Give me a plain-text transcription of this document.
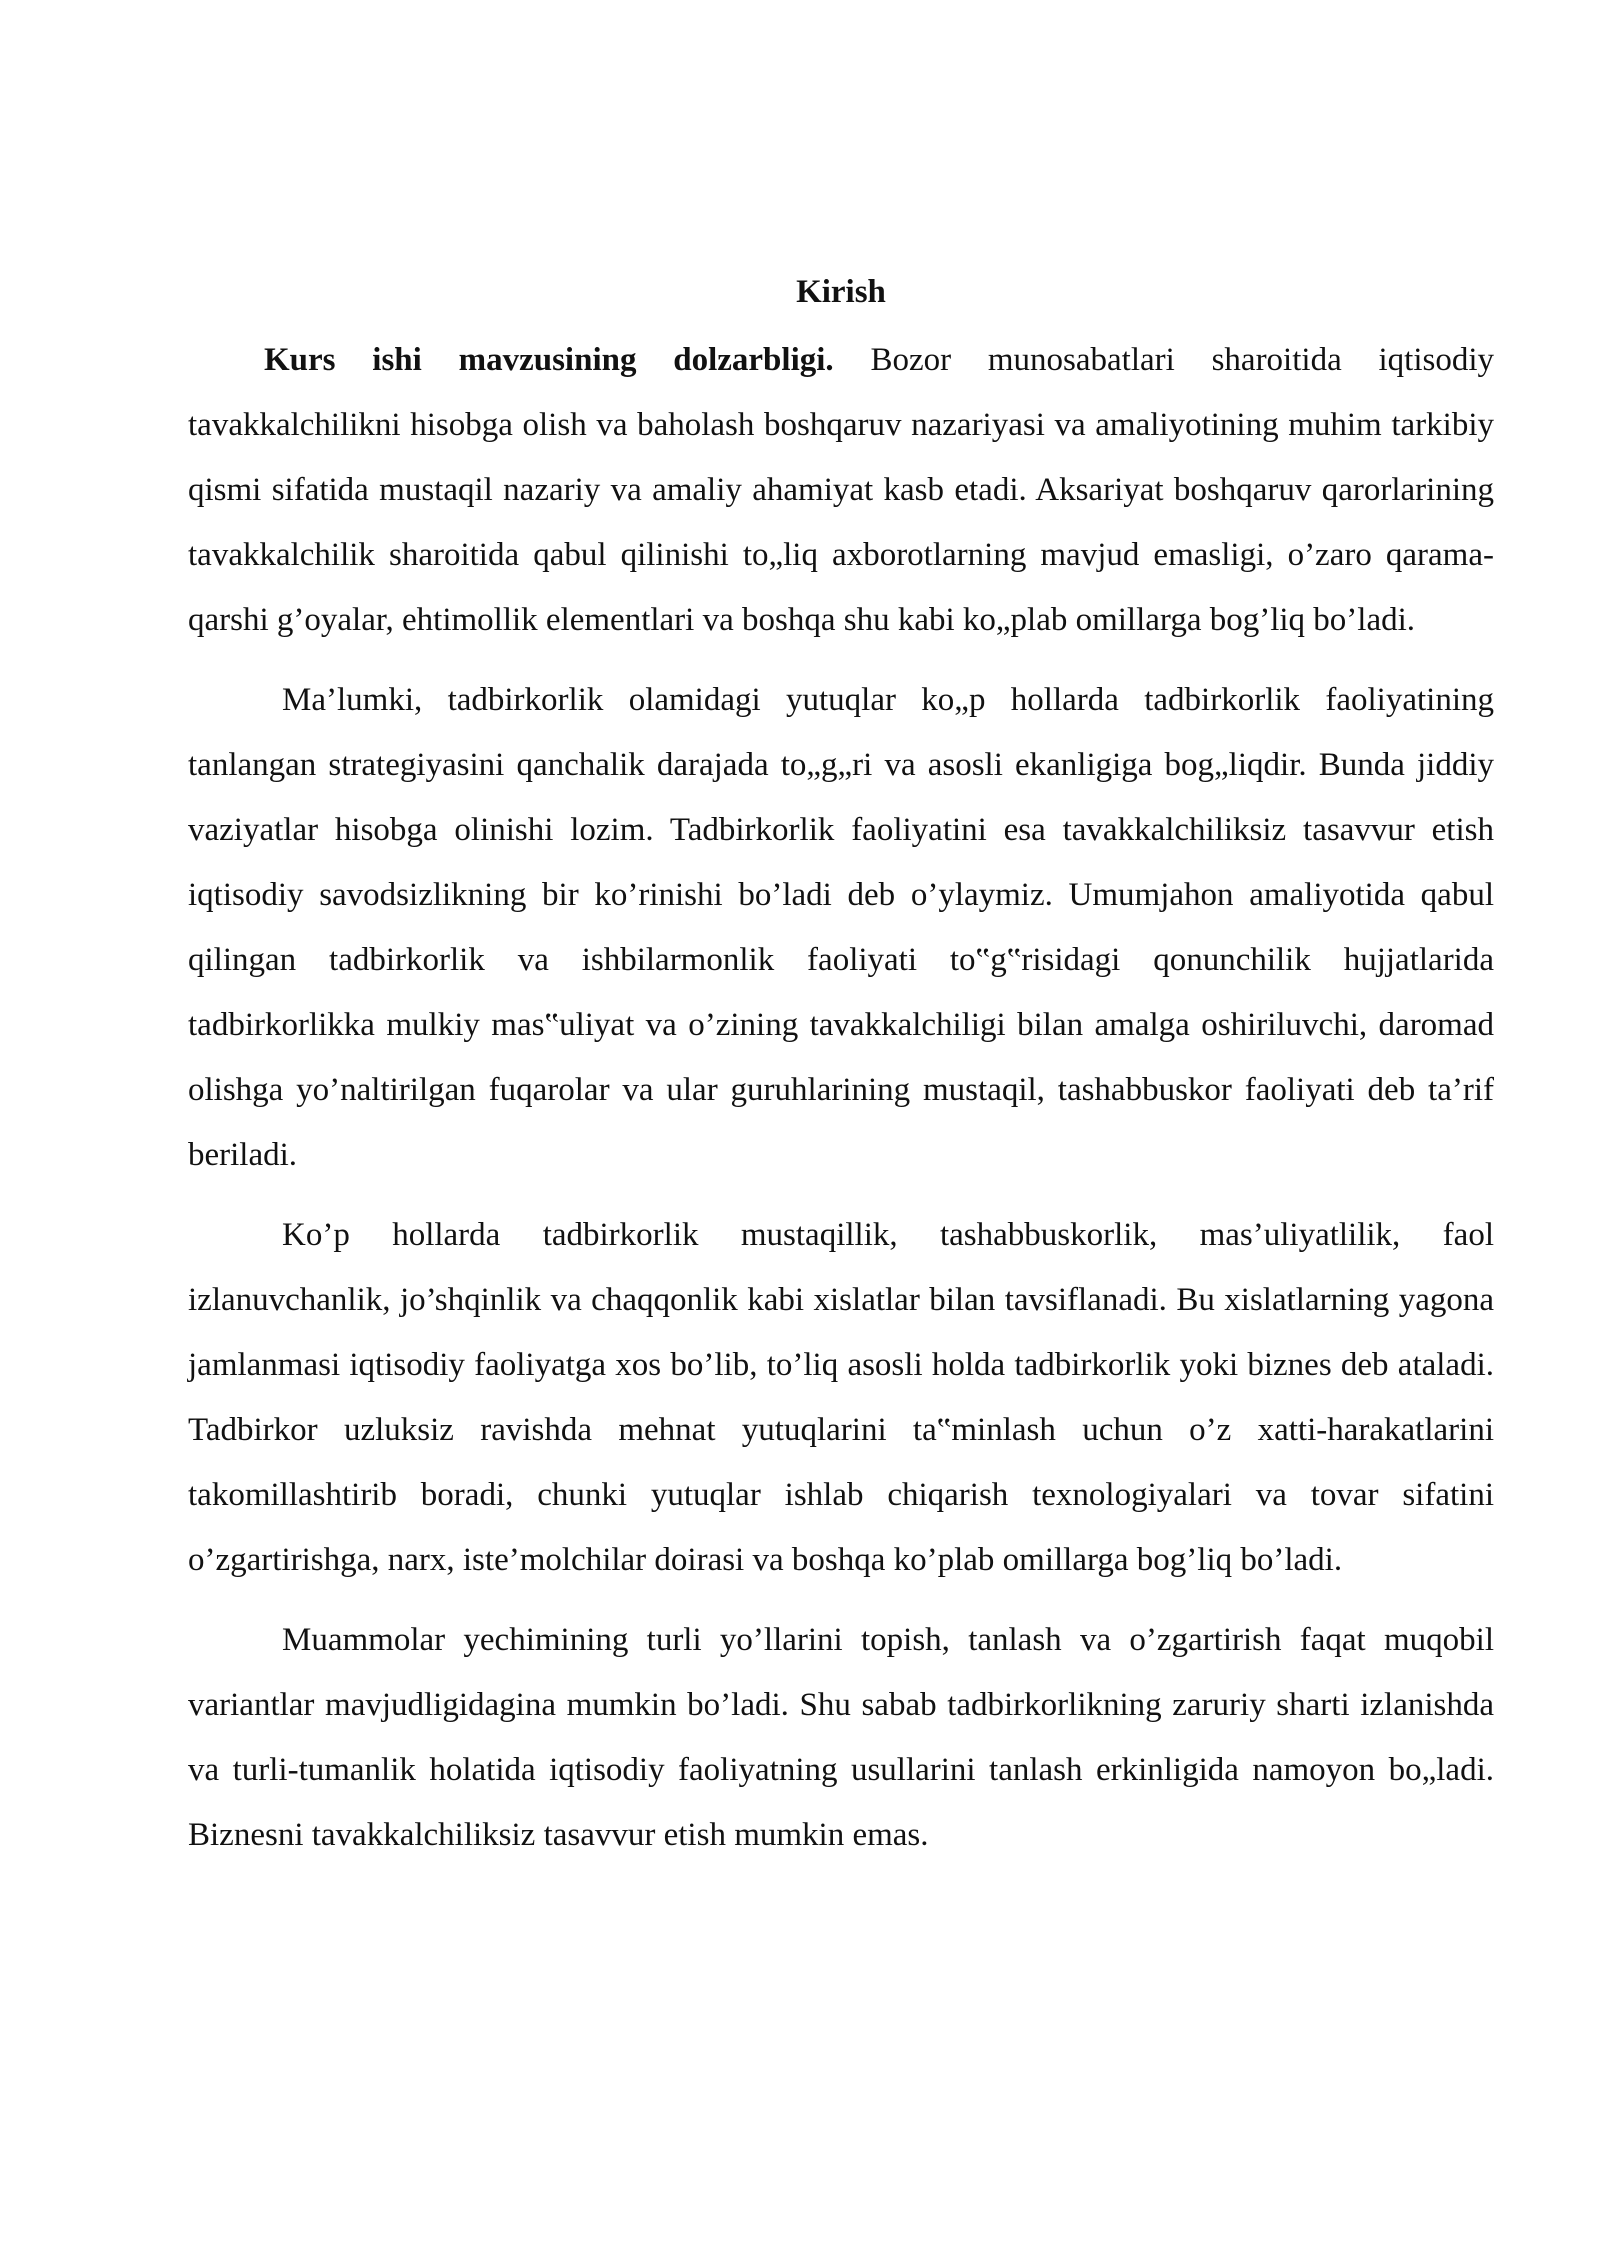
Kirish

Kurs ishi mavzusining dolzarbligi. Bozor munosabatlari sharoitida iqtisodiy tavakkalchilikni hisobga olish va baholash boshqaruv nazariyasi va amaliyotining muhim tarkibiy qismi sifatida mustaqil nazariy va amaliy ahamiyat kasb etadi. Aksariyat boshqaruv qarorlarining tavakkalchilik sharoitida qabul qilinishi to„liq axborotlarning mavjud emasligi, o’zaro qarama-qarshi g’oyalar, ehtimollik elementlari va boshqa shu kabi ko„plab omillarga bog’liq bo’ladi.

Ma’lumki, tadbirkorlik olamidagi yutuqlar ko„p hollarda tadbirkorlik faoliyatining tanlangan strategiyasini qanchalik darajada to„g„ri va asosli ekanligiga bog„liqdir. Bunda jiddiy vaziyatlar hisobga olinishi lozim. Tadbirkorlik faoliyatini esa tavakkalchiliksiz tasavvur etish iqtisodiy savodsizlikning bir ko’rinishi bo’ladi deb o’ylaymiz. Umumjahon amaliyotida qabul qilingan tadbirkorlik va ishbilarmonlik faoliyati to‟g‟risidagi qonunchilik hujjatlarida tadbirkorlikka mulkiy mas‟uliyat va o’zining tavakkalchiligi bilan amalga oshiriluvchi, daromad olishga yo’naltirilgan fuqarolar va ular guruhlarining mustaqil, tashabbuskor faoliyati deb ta’rif beriladi.

Ko’p hollarda tadbirkorlik mustaqillik, tashabbuskorlik, mas’uliyatlilik, faol izlanuvchanlik, jo’shqinlik va chaqqonlik kabi xislatlar bilan tavsiflanadi. Bu xislatlarning yagona jamlanmasi iqtisodiy faoliyatga xos bo’lib, to’liq asosli holda tadbirkorlik yoki biznes deb ataladi. Tadbirkor uzluksiz ravishda mehnat yutuqlarini ta‟minlash uchun o’z xatti-harakatlarini takomillashtirib boradi, chunki yutuqlar ishlab chiqarish texnologiyalari va tovar sifatini o’zgartirishga, narx, iste’molchilar doirasi va boshqa ko’plab omillarga bog’liq bo’ladi.

Muammolar yechimining turli yo’llarini topish, tanlash va o’zgartirish faqat muqobil variantlar mavjudligidagina mumkin bo’ladi. Shu sabab tadbirkorlikning zaruriy sharti izlanishda va turli-tumanlik holatida iqtisodiy faoliyatning usullarini tanlash erkinligida namoyon bo„ladi. Biznesni tavakkalchiliksiz tasavvur etish mumkin emas.
